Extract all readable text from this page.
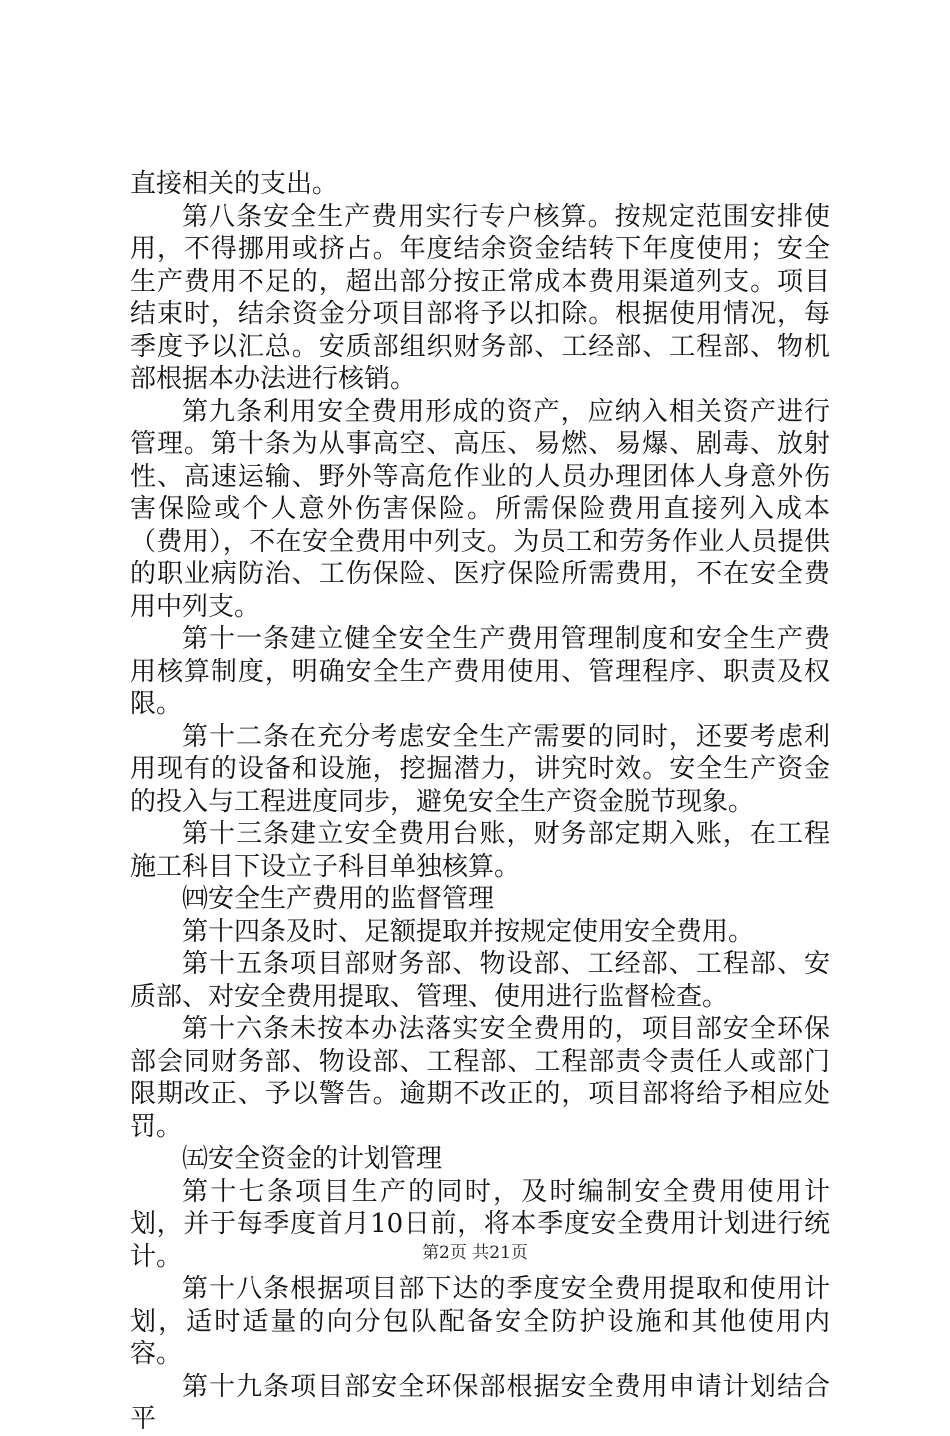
直接相关的支出。

第八条安全生产费用实行专户核算。按规定范围安排使用，不得挪用或挤占。年度结余资金结转下年度使用；安全生产费用不足的，超出部分按正常成本费用渠道列支。项目结束时，结余资金分项目部将予以扣除。根据使用情况，每季度予以汇总。安质部组织财务部、工经部、工程部、物机部根据本办法进行核销。

第九条利用安全费用形成的资产，应纳入相关资产进行管理。第十条为从事高空、高压、易燃、易爆、剧毒、放射性、高速运输、野外等高危作业的人员办理团体人身意外伤害保险或个人意外伤害保险。所需保险费用直接列入成本（费用），不在安全费用中列支。为员工和劳务作业人员提供的职业病防治、工伤保险、医疗保险所需费用，不在安全费用中列支。

第十一条建立健全安全生产费用管理制度和安全生产费用核算制度，明确安全生产费用使用、管理程序、职责及权限。

第十二条在充分考虑安全生产需要的同时，还要考虑利用现有的设备和设施，挖掘潜力，讲究时效。安全生产资金的投入与工程进度同步，避免安全生产资金脱节现象。

第十三条建立安全费用台账，财务部定期入账，在工程施工科目下设立子科目单独核算。

㈣安全生产费用的监督管理

第十四条及时、足额提取并按规定使用安全费用。

第十五条项目部财务部、物设部、工经部、工程部、安质部、对安全费用提取、管理、使用进行监督检查。

第十六条未按本办法落实安全费用的，项目部安全环保部会同财务部、物设部、工程部、工程部责令责任人或部门限期改正、予以警告。逾期不改正的，项目部将给予相应处罚。

㈤安全资金的计划管理

第十七条项目生产的同时，及时编制安全费用使用计划，并于每季度首月10日前，将本季度安全费用计划进行统计。

第十八条根据项目部下达的季度安全费用提取和使用计划，适时适量的向分包队配备安全防护设施和其他使用内容。

第十九条项目部安全环保部根据安全费用申请计划结合平

第2页 共21页
